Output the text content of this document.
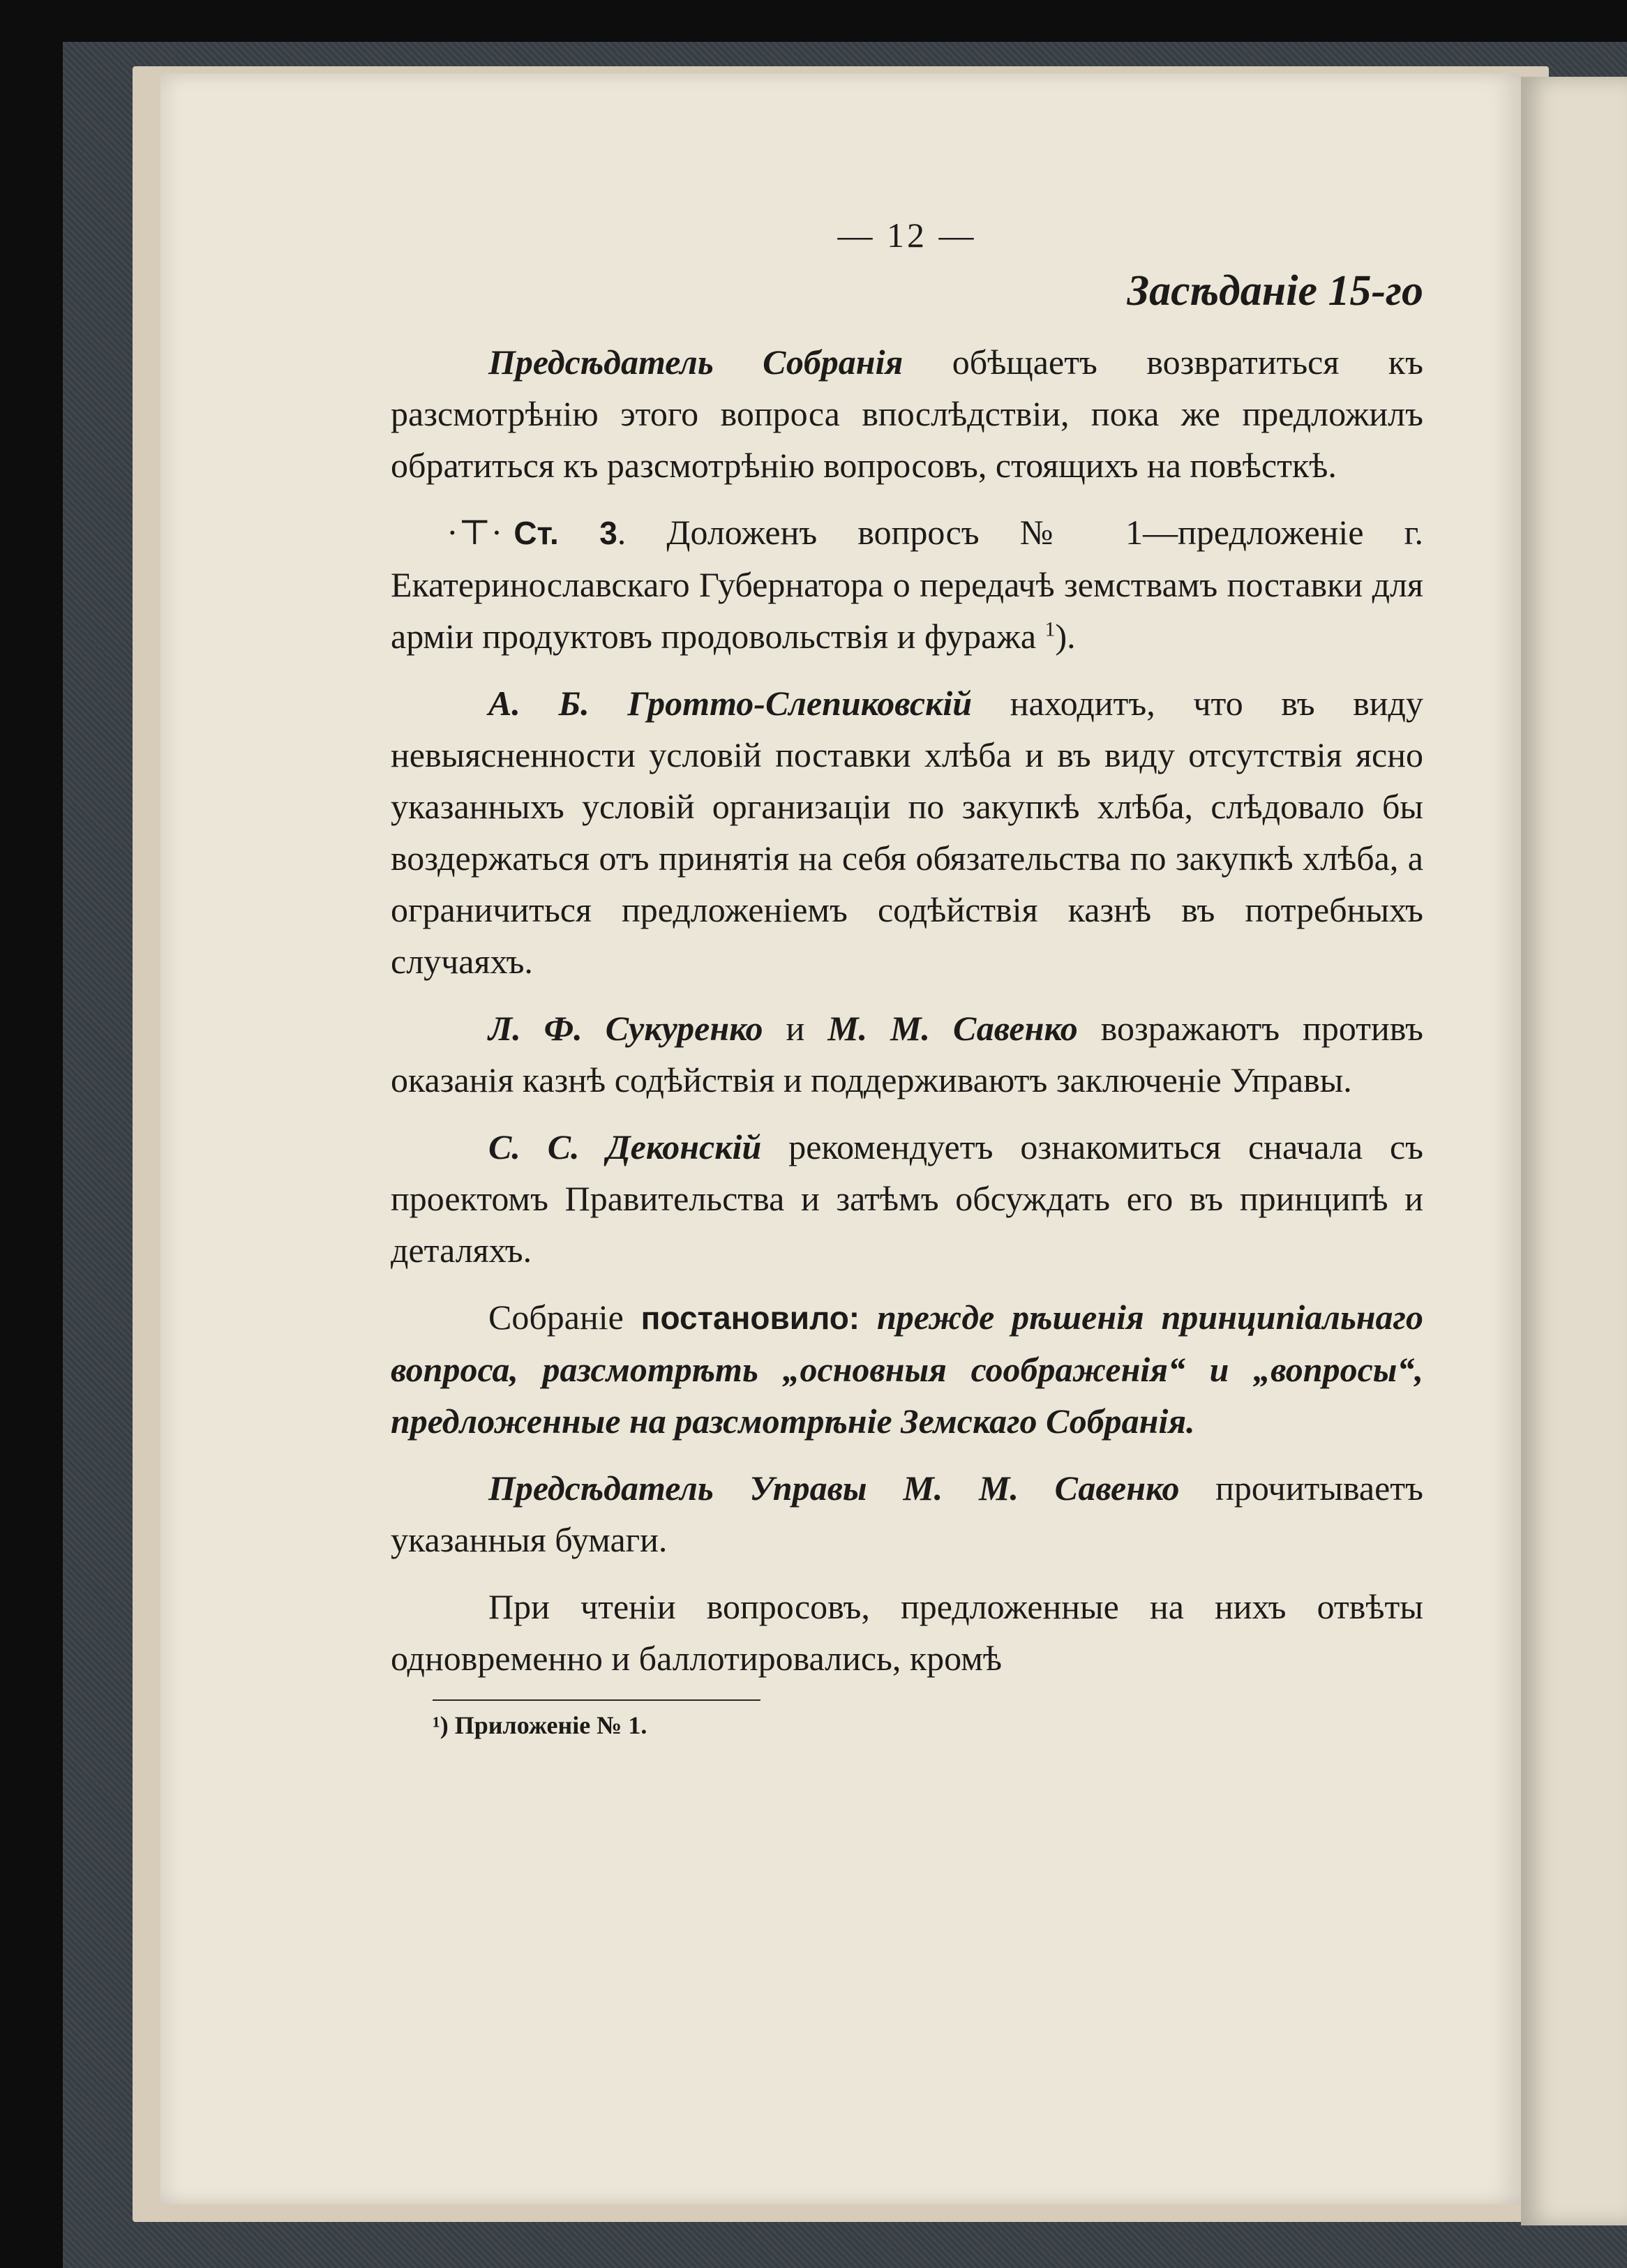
— 12 —
Засѣданіе 15-го

Предсѣдатель Собранія обѣщаетъ возвратиться къ разсмотрѣнію этого вопроса впослѣдствіи, пока же предложилъ обратиться къ разсмотрѣнію вопросовъ, стоящихъ на повѣсткѣ.

·⊤· Ст. 3. Доложенъ вопросъ № 1—предложеніе г. Екатеринославскаго Губернатора о передачѣ земствамъ поставки для арміи продуктовъ продовольствія и фуража $^1$).

А. Б. Гротто-Слепиковскій находитъ, что въ виду невыясненности условій поставки хлѣба и въ виду отсутствія ясно указанныхъ условій организаціи по закупкѣ хлѣба, слѣдовало бы воздержаться отъ принятія на себя обязательства по закупкѣ хлѣба, а ограничиться предложеніемъ содѣйствія казнѣ въ потребныхъ случаяхъ.

Л. Ф. Сукуренко и М. М. Савенко возражаютъ противъ оказанія казнѣ содѣйствія и поддерживаютъ заключеніе Управы.

С. С. Деконскій рекомендуетъ ознакомиться сначала съ проектомъ Правительства и затѣмъ обсуждать его въ принципѣ и деталяхъ.

Собраніе постановило: прежде рѣшенія принципіальнаго вопроса, разсмотрѣть „основныя соображенія“ и „вопросы“, предложенные на разсмотрѣніе Земскаго Собранія.

Предсѣдатель Управы М. М. Савенко прочитываетъ указанныя бумаги.

При чтеніи вопросовъ, предложенные на нихъ отвѣты одновременно и баллотировались, кромѣ

¹) Приложеніе № 1.
